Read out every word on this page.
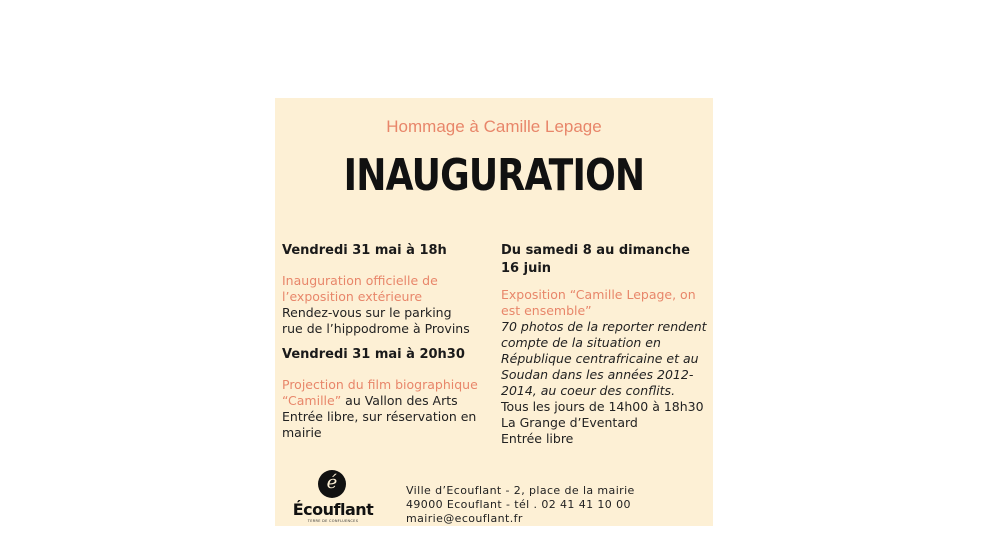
Hommage à Camille Lepage
INAUGURATION
Vendredi 31 mai à 18h
Inauguration officielle de
l’exposition extérieure
Rendez-vous sur le parking
rue de l’hippodrome à Provins
Vendredi 31 mai à 20h30
Projection du film biographique
“Camille” au Vallon des Arts
Entrée libre, sur réservation en
mairie
Du samedi 8 au dimanche
16 juin
Exposition “Camille Lepage, on
est ensemble”
70 photos de la reporter rendent
compte de la situation en
République centrafricaine et au
Soudan dans les années 2012-
2014, au coeur des conflits.
Tous les jours de 14h00 à 18h30
La Grange d’Eventard
Entrée libre
é
Écouflant
TERRE DE CONFLUENCES
Ville d’Ecouflant - 2, place de la mairie
49000 Ecouflant - tél . 02 41 41 10 00
mairie@ecouflant.fr
